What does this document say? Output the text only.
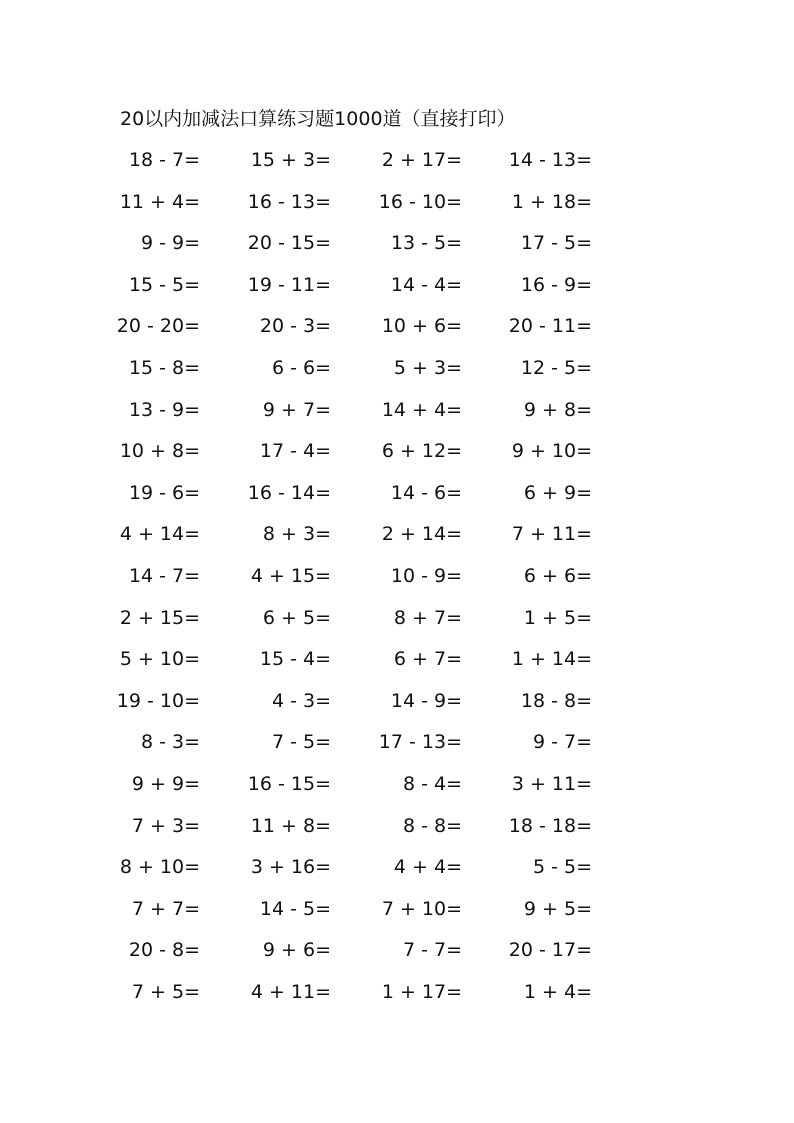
20以内加减法口算练习题1000道（直接打印）
18 - 7=	15 + 3=	2 + 17=	14 - 13=
11 + 4=	16 - 13=	16 - 10=	1 + 18=
9 - 9=	20 - 15=	13 - 5=	17 - 5=
15 - 5=	19 - 11=	14 - 4=	16 - 9=
20 - 20=	20 - 3=	10 + 6=	20 - 11=
15 - 8=	6 - 6=	5 + 3=	12 - 5=
13 - 9=	9 + 7=	14 + 4=	9 + 8=
10 + 8=	17 - 4=	6 + 12=	9 + 10=
19 - 6=	16 - 14=	14 - 6=	6 + 9=
4 + 14=	8 + 3=	2 + 14=	7 + 11=
14 - 7=	4 + 15=	10 - 9=	6 + 6=
2 + 15=	6 + 5=	8 + 7=	1 + 5=
5 + 10=	15 - 4=	6 + 7=	1 + 14=
19 - 10=	4 - 3=	14 - 9=	18 - 8=
8 - 3=	7 - 5=	17 - 13=	9 - 7=
9 + 9=	16 - 15=	8 - 4=	3 + 11=
7 + 3=	11 + 8=	8 - 8=	18 - 18=
8 + 10=	3 + 16=	4 + 4=	5 - 5=
7 + 7=	14 - 5=	7 + 10=	9 + 5=
20 - 8=	9 + 6=	7 - 7=	20 - 17=
7 + 5=	4 + 11=	1 + 17=	1 + 4=
